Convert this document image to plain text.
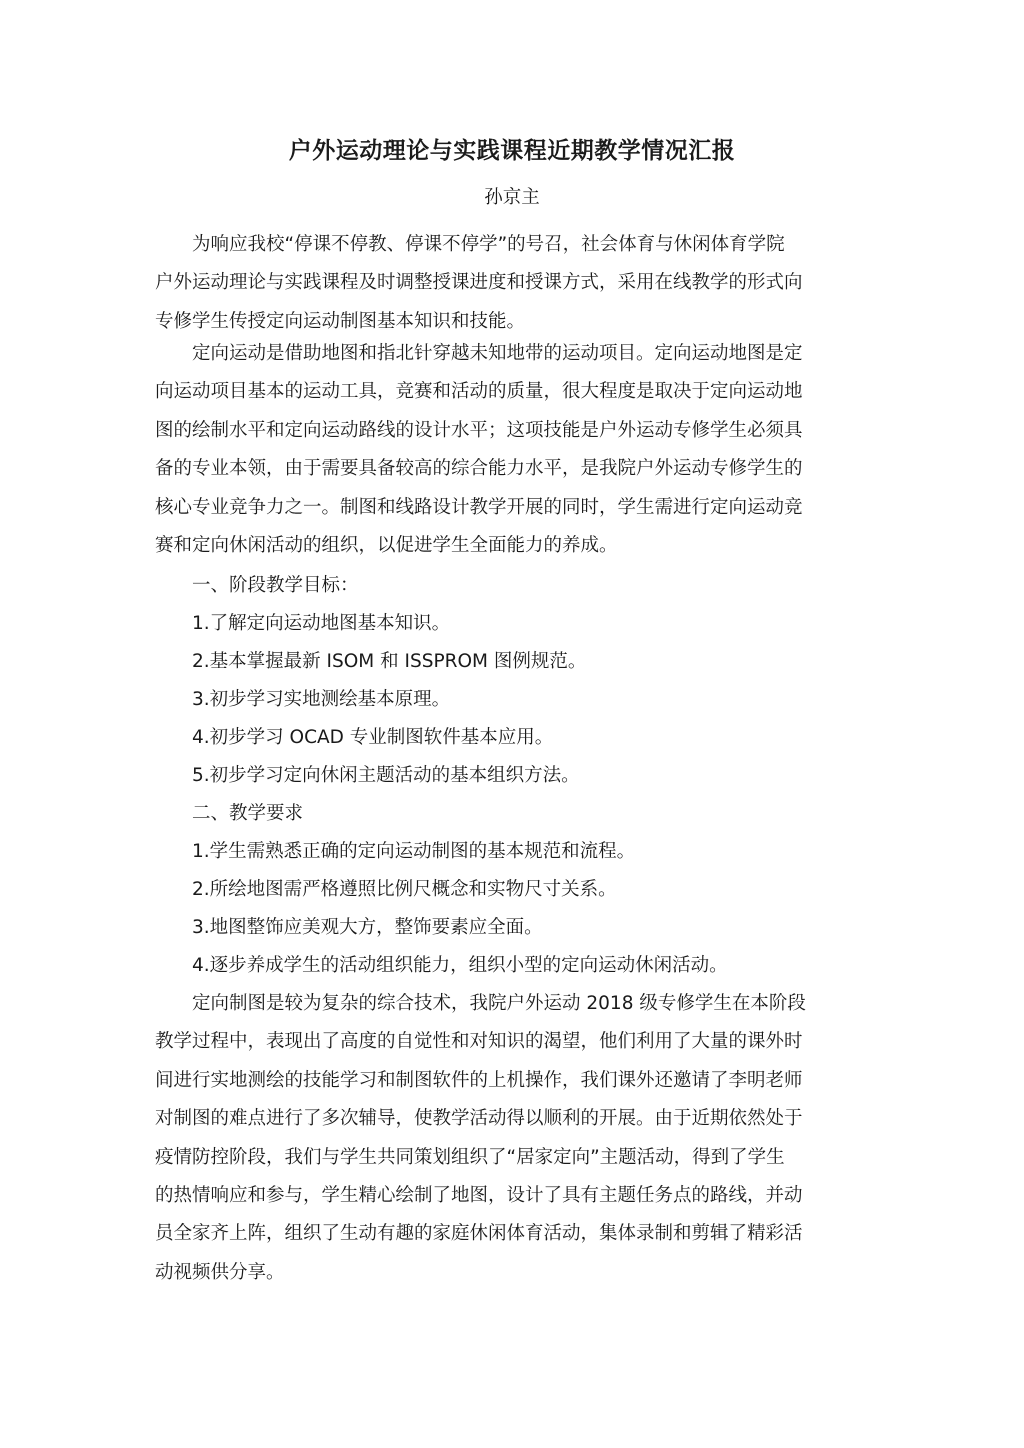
户外运动理论与实践课程近期教学情况汇报

孙京主

为响应我校“停课不停教、停课不停学”的号召，社会体育与休闲体育学院
户外运动理论与实践课程及时调整授课进度和授课方式，采用在线教学的形式向
专修学生传授定向运动制图基本知识和技能。

定向运动是借助地图和指北针穿越未知地带的运动项目。定向运动地图是定
向运动项目基本的运动工具，竞赛和活动的质量，很大程度是取决于定向运动地
图的绘制水平和定向运动路线的设计水平；这项技能是户外运动专修学生必须具
备的专业本领，由于需要具备较高的综合能力水平，是我院户外运动专修学生的
核心专业竞争力之一。制图和线路设计教学开展的同时，学生需进行定向运动竞
赛和定向休闲活动的组织，以促进学生全面能力的养成。

一、阶段教学目标：

1.了解定向运动地图基本知识。

2.基本掌握最新 ISOM 和 ISSPROM 图例规范。

3.初步学习实地测绘基本原理。

4.初步学习 OCAD 专业制图软件基本应用。

5.初步学习定向休闲主题活动的基本组织方法。

二、教学要求

1.学生需熟悉正确的定向运动制图的基本规范和流程。

2.所绘地图需严格遵照比例尺概念和实物尺寸关系。

3.地图整饰应美观大方，整饰要素应全面。

4.逐步养成学生的活动组织能力，组织小型的定向运动休闲活动。

定向制图是较为复杂的综合技术，我院户外运动 2018 级专修学生在本阶段
教学过程中，表现出了高度的自觉性和对知识的渴望，他们利用了大量的课外时
间进行实地测绘的技能学习和制图软件的上机操作，我们课外还邀请了李明老师
对制图的难点进行了多次辅导，使教学活动得以顺利的开展。由于近期依然处于
疫情防控阶段，我们与学生共同策划组织了“居家定向”主题活动，得到了学生
的热情响应和参与，学生精心绘制了地图，设计了具有主题任务点的路线，并动
员全家齐上阵，组织了生动有趣的家庭休闲体育活动，集体录制和剪辑了精彩活
动视频供分享。
